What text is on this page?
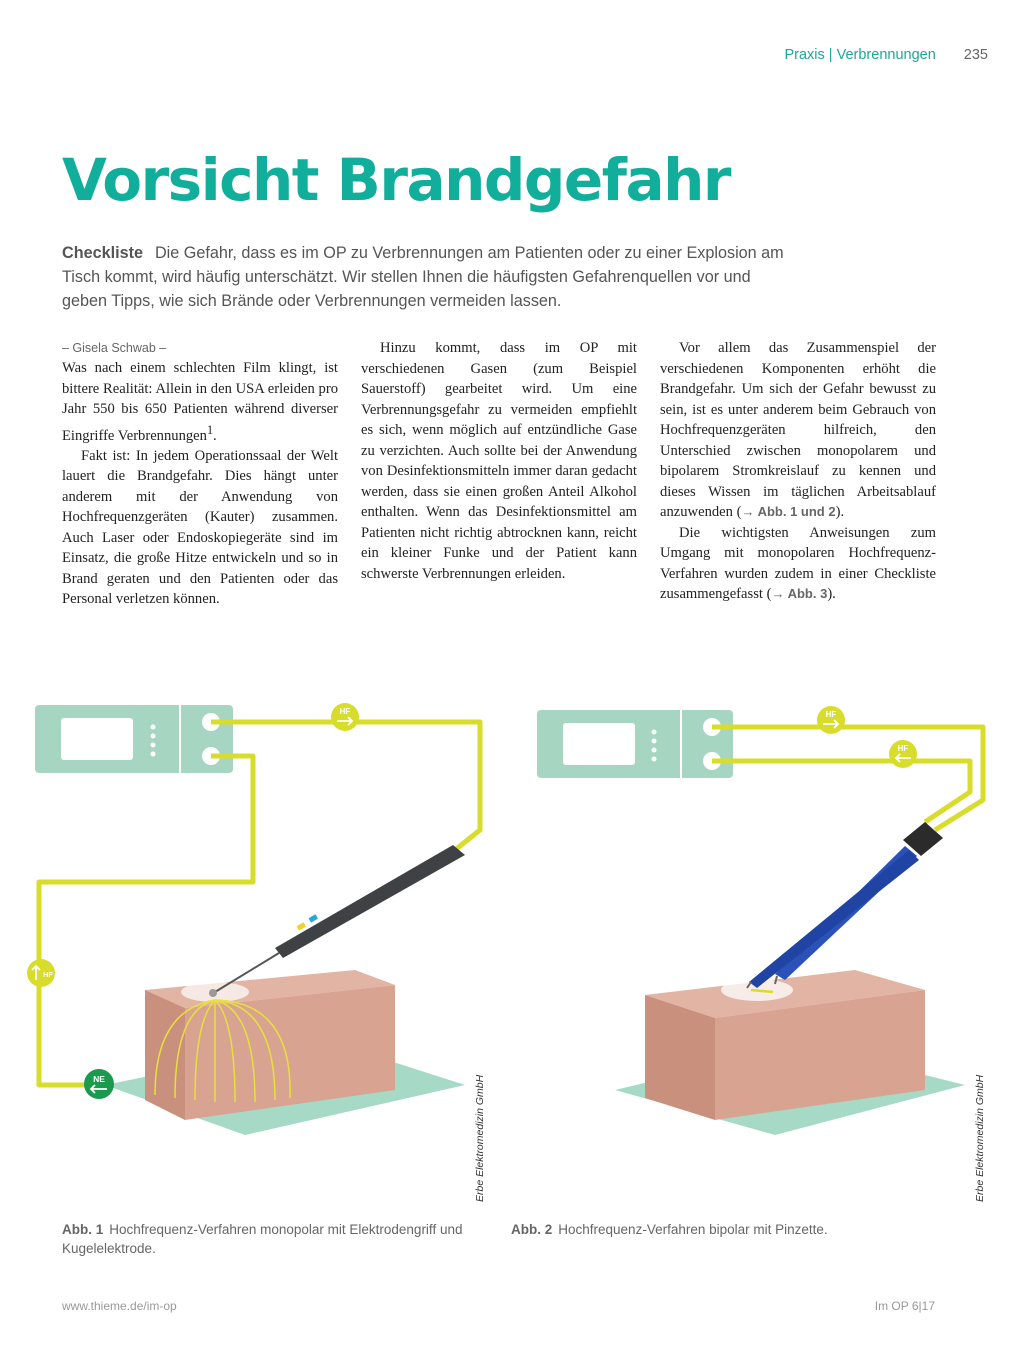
Praxis | Verbrennungen 235
Vorsicht Brandgefahr
Checkliste Die Gefahr, dass es im OP zu Verbrennungen am Patienten oder zu einer Explosion am Tisch kommt, wird häufig unterschätzt. Wir stellen Ihnen die häufigsten Gefahrenquellen vor und geben Tipps, wie sich Brände oder Verbrennungen vermeiden lassen.
– Gisela Schwab –

Was nach einem schlechten Film klingt, ist bittere Realität: Allein in den USA erleiden pro Jahr 550 bis 650 Patienten während diverser Eingriffe Verbrennungen$^1$.

Fakt ist: In jedem Operationssaal der Welt lauert die Brandgefahr. Dies hängt unter anderem mit der Anwendung von Hochfrequenzgeräten (Kauter) zusammen. Auch Laser oder Endoskopiegeräte sind im Einsatz, die große Hitze entwickeln und so in Brand geraten und den Patienten oder das Personal verletzen können.

Hinzu kommt, dass im OP mit verschiedenen Gasen (zum Beispiel Sauerstoff) gearbeitet wird. Um eine Verbrennungsgefahr zu vermeiden empfiehlt es sich, wenn möglich auf entzündliche Gase zu verzichten. Auch sollte bei der Anwendung von Desinfektionsmitteln immer daran gedacht werden, dass sie einen großen Anteil Alkohol enthalten. Wenn das Desinfektionsmittel am Patienten nicht richtig abtrocknen kann, reicht ein kleiner Funke und der Patient kann schwerste Verbrennungen erleiden.

Vor allem das Zusammenspiel der verschiedenen Komponenten erhöht die Brandgefahr. Um sich der Gefahr bewusst zu sein, ist es unter anderem beim Gebrauch von Hochfrequenzgeräten hilfreich, den Unterschied zwischen monopolarem und bipolarem Stromkreislauf zu kennen und dieses Wissen im täglichen Arbeitsablauf anzuwenden (→ Abb. 1 und 2).

Die wichtigsten Anweisungen zum Umgang mit monopolaren Hochfrequenz-Verfahren wurden zudem in einer Checkliste zusammengefasst (→ Abb. 3).

HF
HF
NE	Erbe Elektromedizin GmbH
HF
HF
Erbe Elektromedizin GmbH
Abb. 1 Hochfrequenz-Verfahren monopolar mit Elektrodengriff und Kugelelektrode.
Abb. 2 Hochfrequenz-Verfahren bipolar mit Pinzette.
www.thieme.de/im-op	Im OP 6|17
